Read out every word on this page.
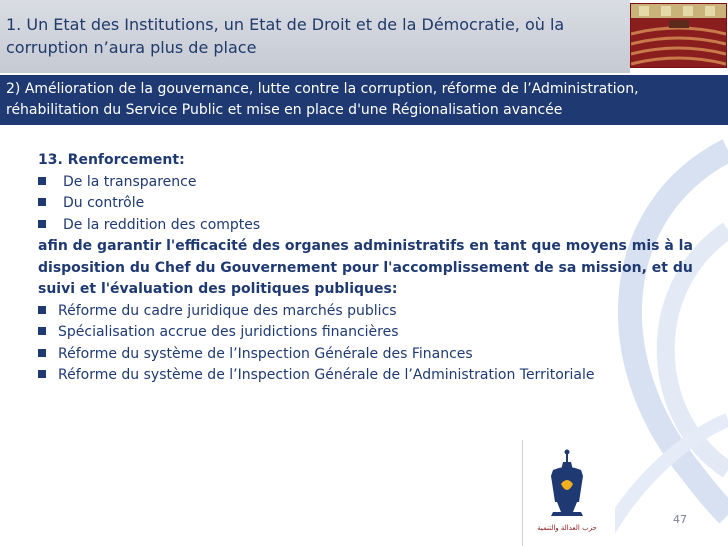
1. Un Etat des Institutions, un Etat de Droit et de la Démocratie, où la corruption n’aura plus de place
2) Amélioration de la gouvernance, lutte contre la corruption, réforme de l’Administration, réhabilitation du Service Public et mise en place d'une Régionalisation avancée
13. Renforcement:
De la transparence
Du contrôle
De la reddition des comptes
afin de garantir l'efficacité des organes administratifs en tant que moyens mis à la disposition du Chef du Gouvernement pour l'accomplissement de sa mission, et du suivi et l'évaluation des politiques publiques:
Réforme du cadre juridique des marchés publics
Spécialisation accrue des juridictions financières
Réforme du système de l’Inspection Générale des Finances
Réforme du système de l’Inspection Générale de l’Administration Territoriale
حزب العدالة والتنمية
47
